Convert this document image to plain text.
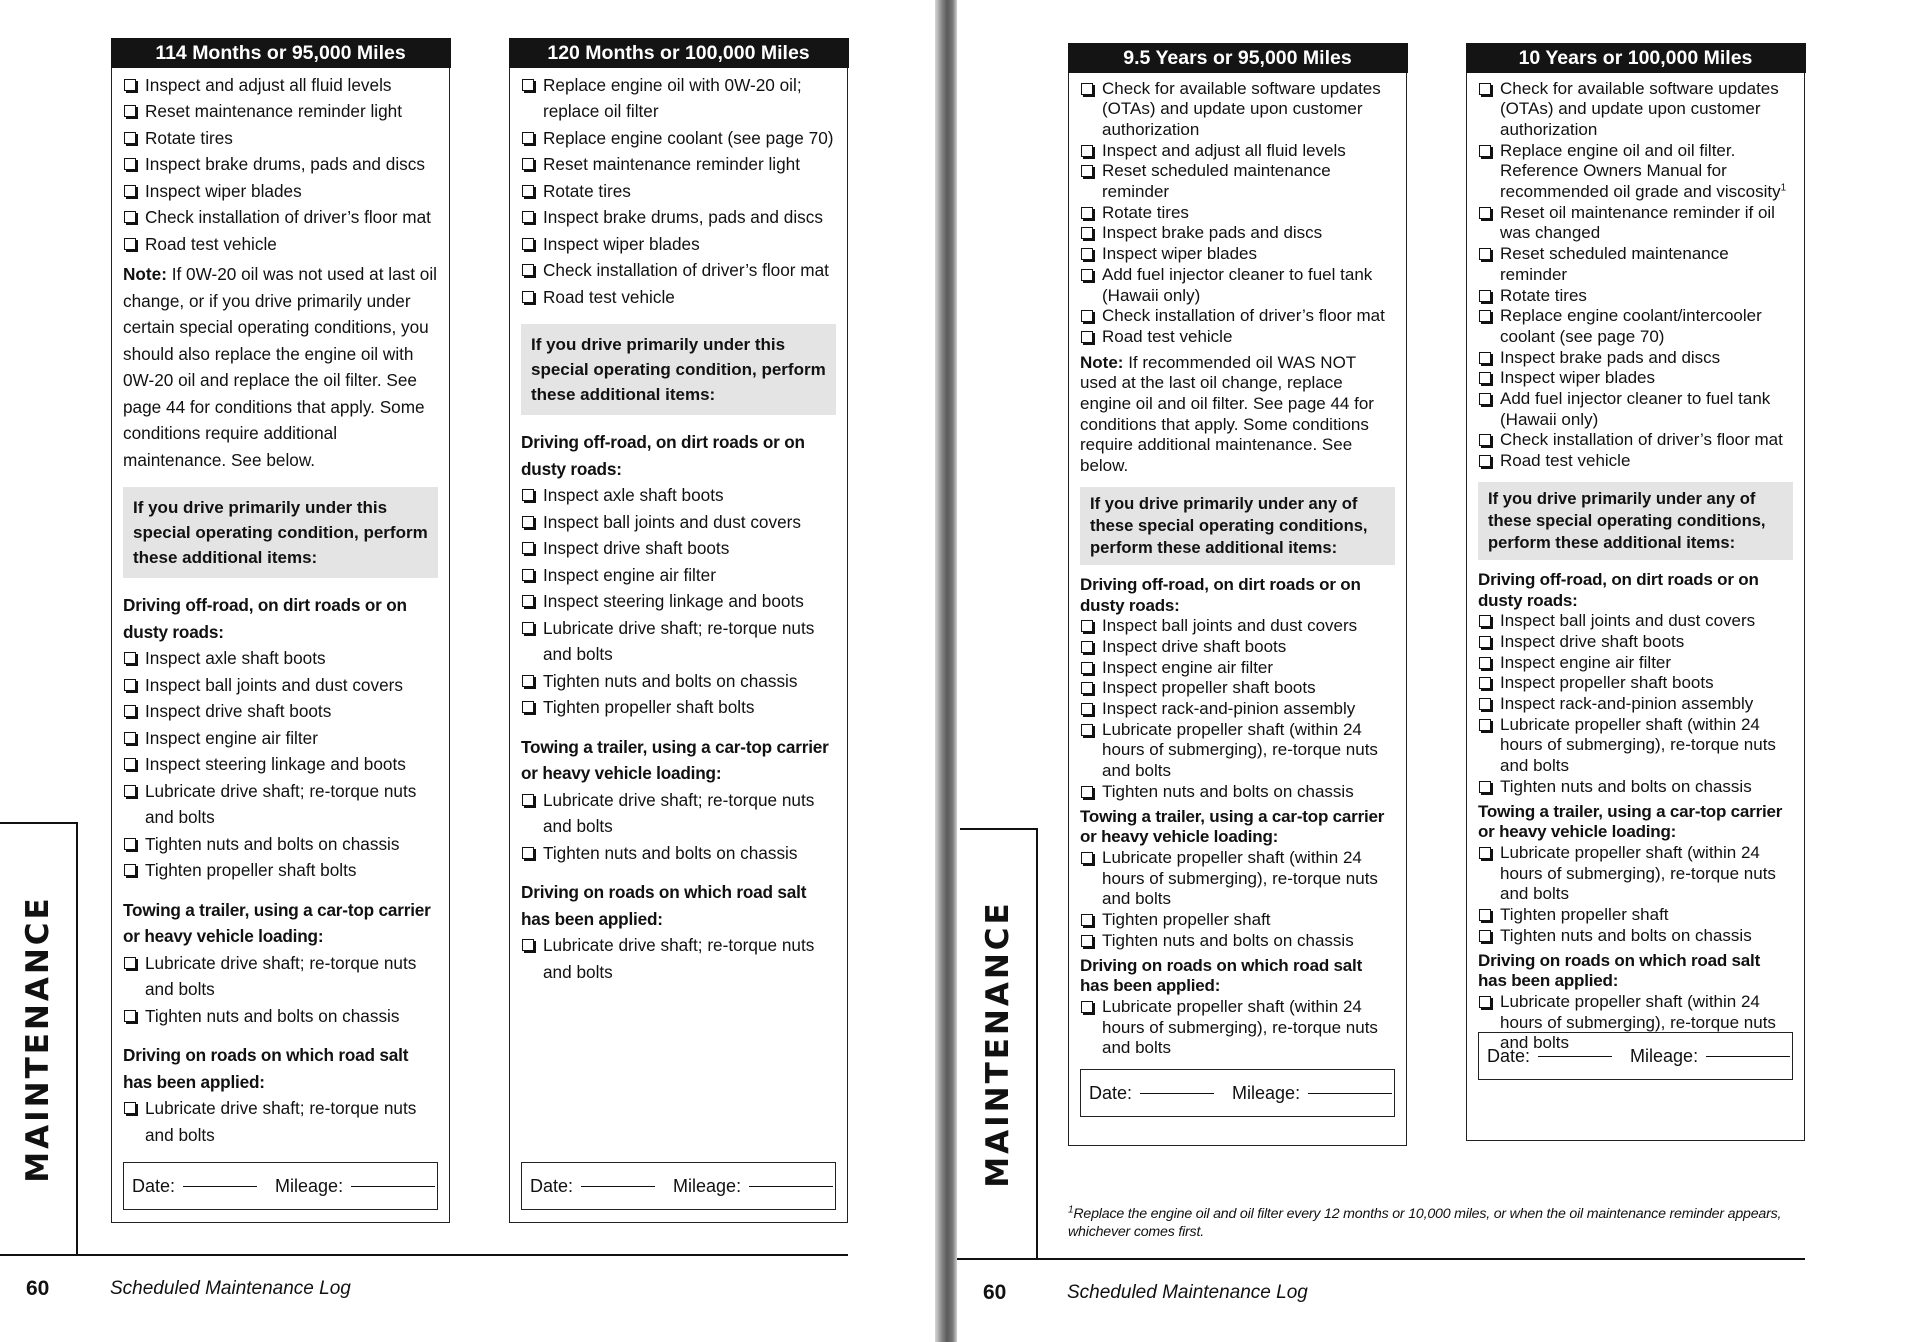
MAINTENANCE
114 Months or 95,000 Miles
Inspect and adjust all fluid levels
Reset maintenance reminder light
Rotate tires
Inspect brake drums, pads and discs
Inspect wiper blades
Check installation of driver’s floor mat
Road test vehicle

Note: If 0W-20 oil was not used at last oil change, or if you drive primarily under certain special operating conditions, you should also replace the engine oil with 0W-20 oil and replace the oil filter. See page 44 for conditions that apply. Some conditions require additional maintenance. See below.

If you drive primarily under this special operating condition, perform these additional items:
Driving off-road, on dirt roads or on dusty roads:
Inspect axle shaft boots
Inspect ball joints and dust covers
Inspect drive shaft boots
Inspect engine air filter
Inspect steering linkage and boots
Lubricate drive shaft; re-torque nuts and bolts
Tighten nuts and bolts on chassis
Tighten propeller shaft bolts
Towing a trailer, using a car-top carrier or heavy vehicle loading:
Lubricate drive shaft; re-torque nuts and bolts
Tighten nuts and bolts on chassis
Driving on roads on which road salt has been applied:
Lubricate drive shaft; re-torque nuts and bolts
Date:	Mileage:
120 Months or 100,000 Miles
Replace engine oil with 0W-20 oil; replace oil filter
Replace engine coolant (see page 70)
Reset maintenance reminder light
Rotate tires
Inspect brake drums, pads and discs
Inspect wiper blades
Check installation of driver’s floor mat
Road test vehicle
If you drive primarily under this special operating condition, perform these additional items:
Driving off-road, on dirt roads or on dusty roads:
Inspect axle shaft boots
Inspect ball joints and dust covers
Inspect drive shaft boots
Inspect engine air filter
Inspect steering linkage and boots
Lubricate drive shaft; re-torque nuts and bolts
Tighten nuts and bolts on chassis
Tighten propeller shaft bolts
Towing a trailer, using a car-top carrier or heavy vehicle loading:
Lubricate drive shaft; re-torque nuts and bolts
Tighten nuts and bolts on chassis
Driving on roads on which road salt has been applied:
Lubricate drive shaft; re-torque nuts and bolts
Date:	Mileage:
60	Scheduled Maintenance Log
MAINTENANCE
9.5 Years or 95,000 Miles
Check for available software updates (OTAs) and update upon customer authorization
Inspect and adjust all fluid levels
Reset scheduled maintenance reminder
Rotate tires
Inspect brake pads and discs
Inspect wiper blades
Add fuel injector cleaner to fuel tank (Hawaii only)
Check installation of driver’s floor mat
Road test vehicle

Note: If recommended oil WAS NOT used at the last oil change, replace engine oil and oil filter. See page 44 for conditions that apply. Some conditions require additional maintenance. See below.

If you drive primarily under any of these special operating conditions, perform these additional items:
Driving off-road, on dirt roads or on dusty roads:
Inspect ball joints and dust covers
Inspect drive shaft boots
Inspect engine air filter
Inspect propeller shaft boots
Inspect rack-and-pinion assembly
Lubricate propeller shaft (within 24 hours of submerging), re-torque nuts and bolts
Tighten nuts and bolts on chassis
Towing a trailer, using a car-top carrier or heavy vehicle loading:
Lubricate propeller shaft (within 24 hours of submerging), re-torque nuts and bolts
Tighten propeller shaft
Tighten nuts and bolts on chassis
Driving on roads on which road salt has been applied:
Lubricate propeller shaft (within 24 hours of submerging), re-torque nuts and bolts
Date:	Mileage:
10 Years or 100,000 Miles
Check for available software updates (OTAs) and update upon customer authorization
Replace engine oil and oil filter. Reference Owners Manual for recommended oil grade and viscosity$^1$
Reset oil maintenance reminder if oil was changed
Reset scheduled maintenance reminder
Rotate tires
Replace engine coolant/intercooler coolant (see page 70)
Inspect brake pads and discs
Inspect wiper blades
Add fuel injector cleaner to fuel tank (Hawaii only)
Check installation of driver’s floor mat
Road test vehicle
If you drive primarily under any of these special operating conditions, perform these additional items:
Driving off-road, on dirt roads or on dusty roads:
Inspect ball joints and dust covers
Inspect drive shaft boots
Inspect engine air filter
Inspect propeller shaft boots
Inspect rack-and-pinion assembly
Lubricate propeller shaft (within 24 hours of submerging), re-torque nuts and bolts
Tighten nuts and bolts on chassis
Towing a trailer, using a car-top carrier or heavy vehicle loading:
Lubricate propeller shaft (within 24 hours of submerging), re-torque nuts and bolts
Tighten propeller shaft
Tighten nuts and bolts on chassis
Driving on roads on which road salt has been applied:
Lubricate propeller shaft (within 24 hours of submerging), re-torque nuts and bolts
Date:	Mileage:
$^1$Replace the engine oil and oil filter every 12 months or 10,000 miles, or when the oil maintenance reminder appears, whichever comes first.
60	Scheduled Maintenance Log
